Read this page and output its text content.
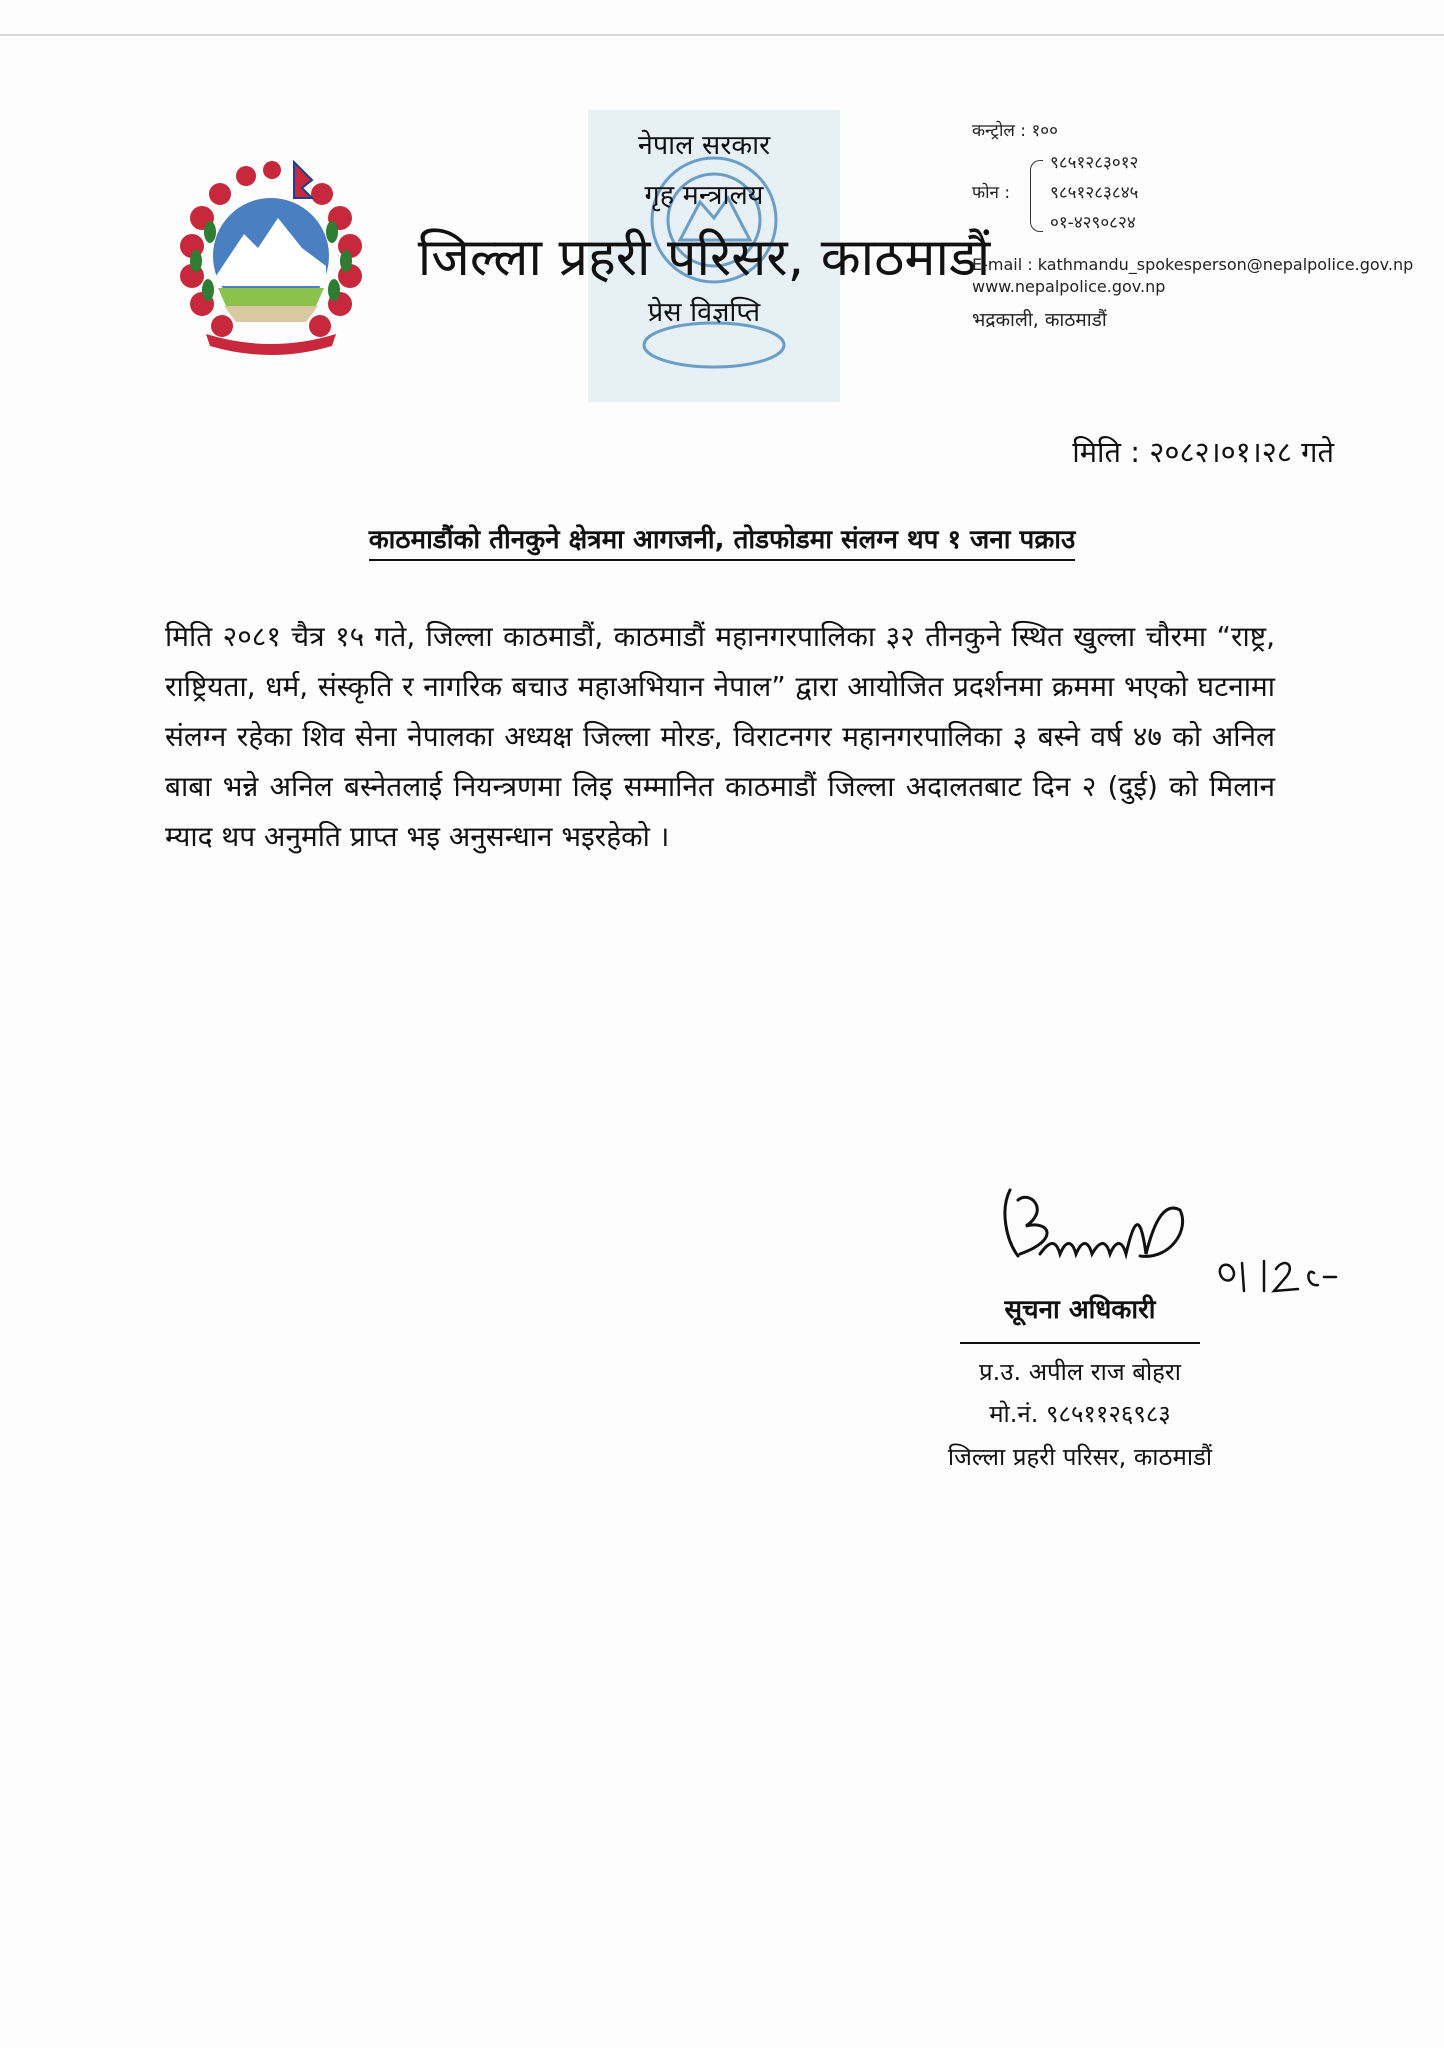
नेपाल सरकार
गृह मन्त्रालय
जिल्ला प्रहरी परिसर, काठमाडौं
प्रेस विज्ञप्ति
कन्ट्रोल : १००
फोन :
९८५१२८३०१२
९८५१२८३८४५
०१-४२९०८२४
E-mail : kathmandu_spokesperson@nepalpolice.gov.np
www.nepalpolice.gov.np
भद्रकाली, काठमाडौं
मिति : २०८२।०१।२८ गते
काठमाडौंको तीनकुने क्षेत्रमा आगजनी, तोडफोडमा संलग्न थप १ जना पक्राउ
मिति २०८१ चैत्र १५ गते, जिल्ला काठमाडौं, काठमाडौं महानगरपालिका ३२ तीनकुने स्थित खुल्ला चौरमा “राष्ट्र, राष्ट्रियता, धर्म, संस्कृति र नागरिक बचाउ महाअभियान नेपाल” द्वारा आयोजित प्रदर्शनमा क्रममा भएको घटनामा संलग्न रहेका शिव सेना नेपालका अध्यक्ष जिल्ला मोरङ, विराटनगर महानगरपालिका ३ बस्ने वर्ष ४७ को अनिल बाबा भन्ने अनिल बस्नेतलाई नियन्त्रणमा लिइ सम्मानित काठमाडौं जिल्ला अदालतबाट दिन २ (दुई) को मिलान म्याद थप अनुमति प्राप्त भइ अनुसन्धान भइरहेको ।
सूचना अधिकारी
प्र.उ. अपील राज बोहरा
मो.नं. ९८५११२६९८३
जिल्ला प्रहरी परिसर, काठमाडौं
